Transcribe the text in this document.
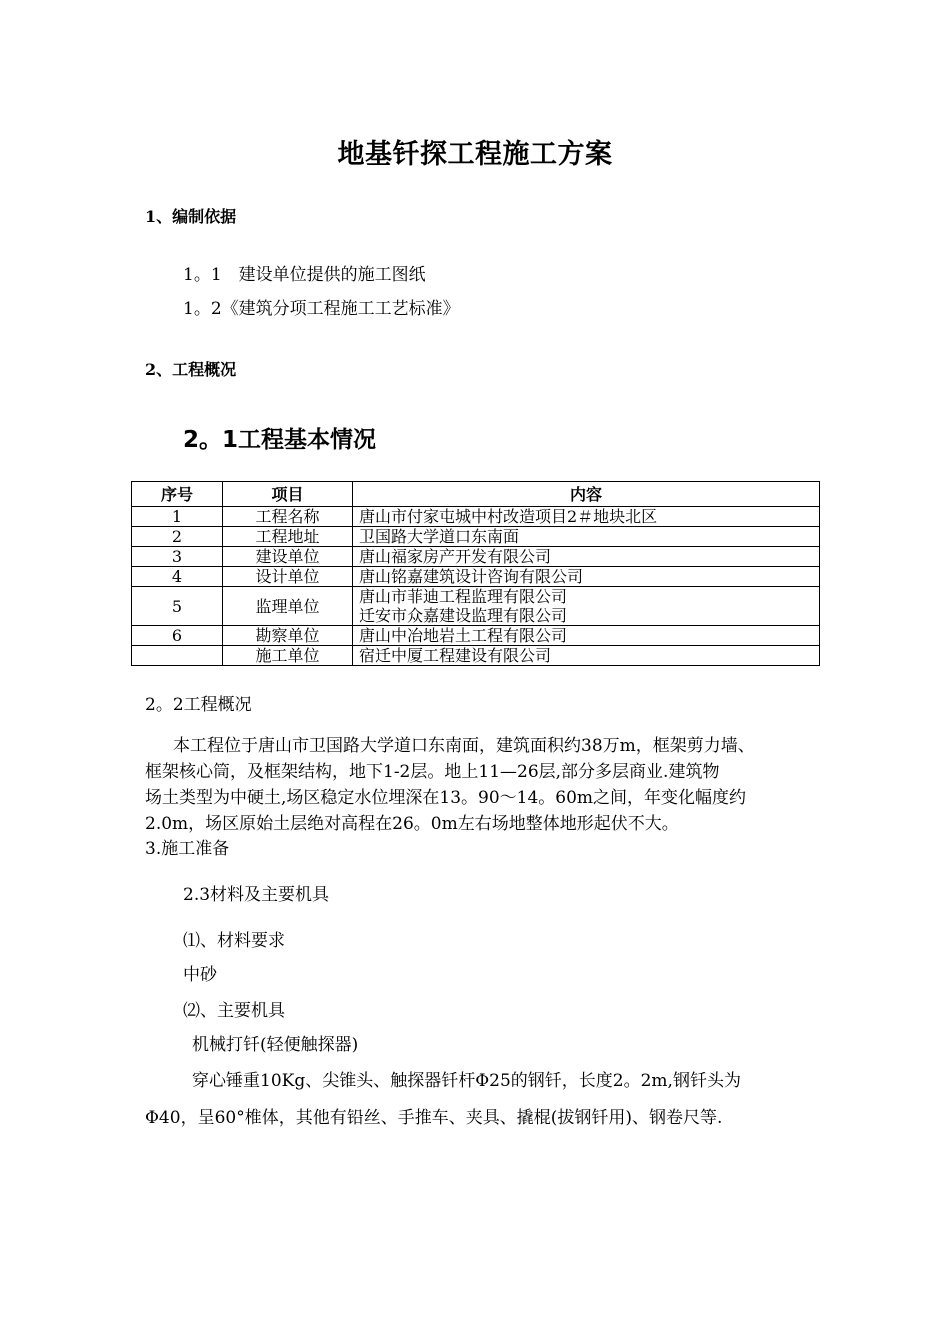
地基钎探工程施工方案
1、编制依据
1。1　建设单位提供的施工图纸
1。2《建筑分项工程施工工艺标准》
2、工程概况
2。1工程基本情况
序号	项目	内容
1	工程名称	唐山市付家屯城中村改造项目2＃地块北区
2	工程地址	卫国路大学道口东南面
3	建设单位	唐山福家房产开发有限公司
4	设计单位	唐山铭嘉建筑设计咨询有限公司
5	监理单位	唐山市菲迪工程监理有限公司
迁安市众嘉建设监理有限公司

6	勘察单位	唐山中冶地岩土工程有限公司
	施工单位	宿迁中厦工程建设有限公司
2。2工程概况
本工程位于唐山市卫国路大学道口东南面，建筑面积约38万m，框架剪力墙、
框架核心筒，及框架结构，地下1-2层。地上11—26层,部分多层商业.建筑物
场土类型为中硬土,场区稳定水位埋深在13。90～14。60m之间，年变化幅度约
2.0m，场区原始土层绝对高程在26。0m左右场地整体地形起伏不大。
3.施工准备
2.3材料及主要机具
⑴、材料要求
中砂
⑵、主要机具
机械打钎(轻便触探器)
穿心锤重10Kg、尖锥头、触探器钎杆Φ25的钢钎，长度2。2m,钢钎头为
Φ40，呈60°椎体，其他有铅丝、手推车、夹具、撬棍(拔钢钎用)、钢卷尺等.
